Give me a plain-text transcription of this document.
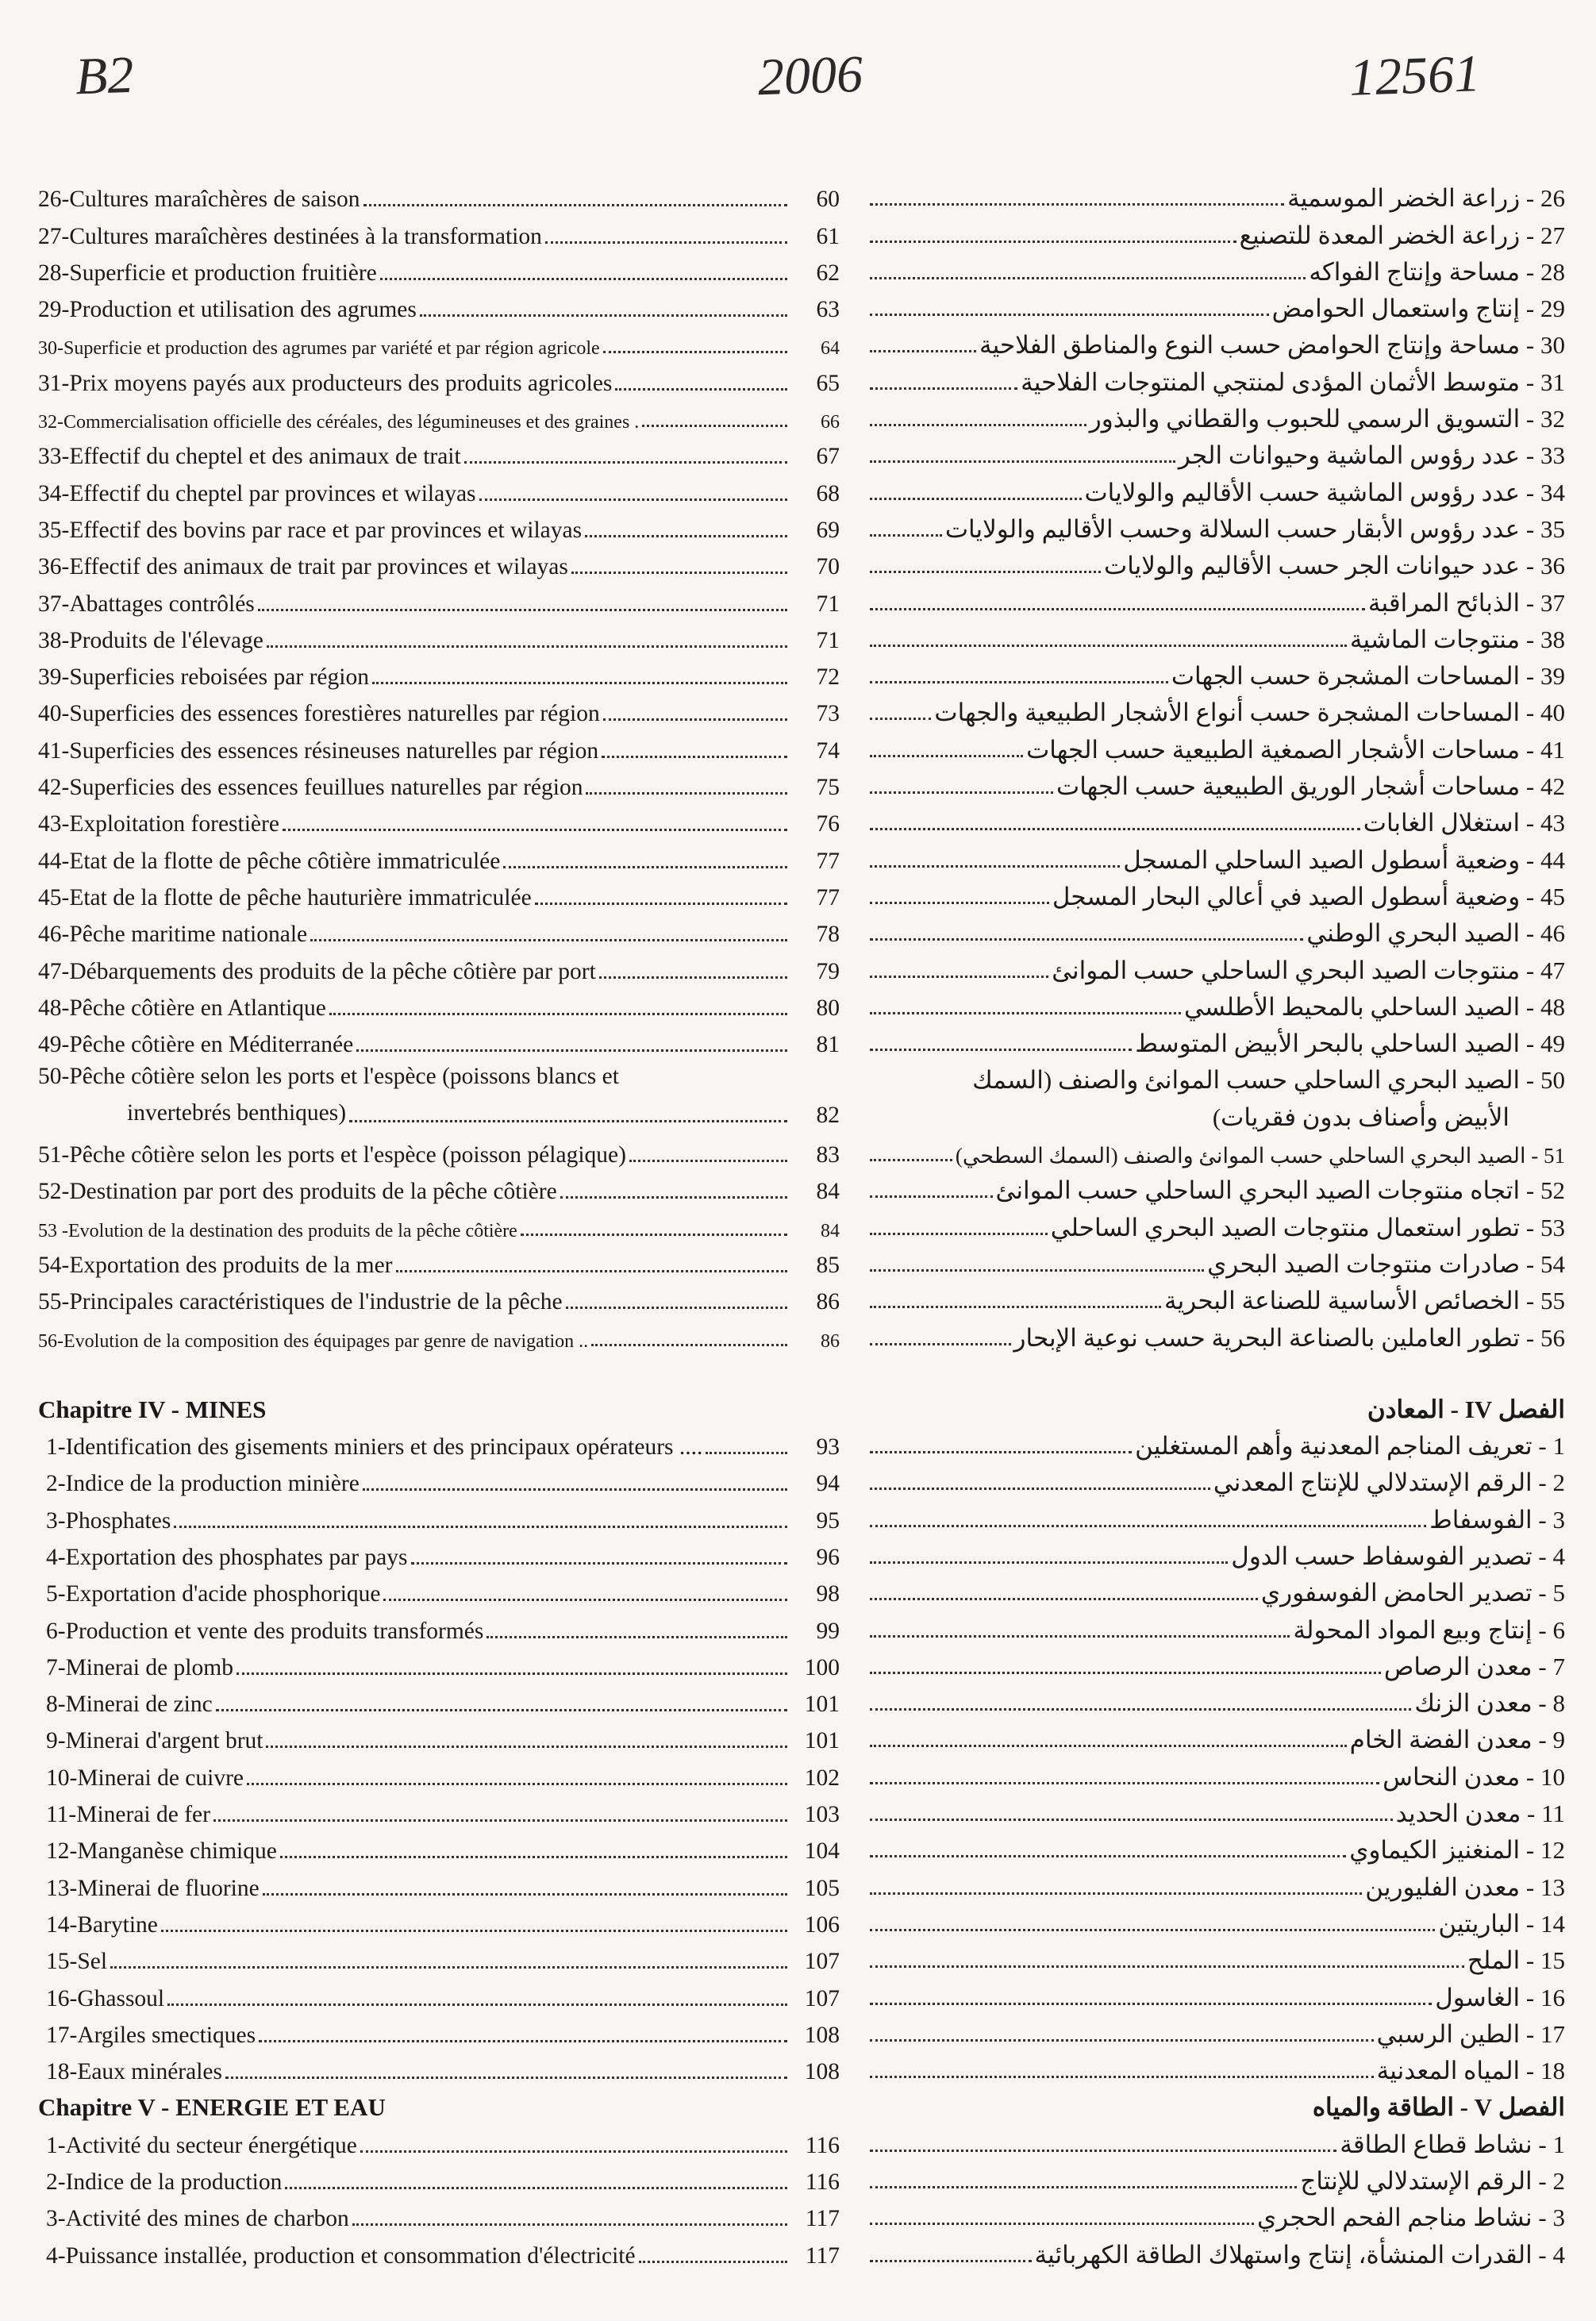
B2	2006	12561
26-Cultures maraîchères de saison	60
27-Cultures maraîchères destinées à la transformation	61
28-Superficie et production fruitière	62
29-Production et utilisation des agrumes	63
30-Superficie et production des agrumes par variété et par région agricole	64
31-Prix moyens payés aux producteurs des produits agricoles	65
32-Commercialisation officielle des céréales, des légumineuses et des graines .	66
33-Effectif du cheptel et des animaux de trait	67
34-Effectif du cheptel par provinces et wilayas	68
35-Effectif des bovins par race et par provinces et wilayas	69
36-Effectif des animaux de trait par provinces et wilayas	70
37-Abattages contrôlés	71
38-Produits de l'élevage	71
39-Superficies reboisées par région	72
40-Superficies des essences forestières naturelles par région	73
41-Superficies des essences résineuses naturelles par région	74
42-Superficies des essences feuillues naturelles par région	75
43-Exploitation forestière	76
44-Etat de la flotte de pêche côtière immatriculée	77
45-Etat de la flotte de pêche hauturière immatriculée	77
46-Pêche maritime nationale	78
47-Débarquements des produits de la pêche côtière par port	79
48-Pêche côtière en Atlantique	80
49-Pêche côtière en Méditerranée	81
50-Pêche côtière selon les ports et l'espèce (poissons blancs et
invertebrés benthiques)	82
51-Pêche côtière selon les ports et l'espèce (poisson pélagique)	83
52-Destination par port des produits de la pêche côtière	84
53 -Evolution de la destination des produits de la pêche côtière	84
54-Exportation des produits de la mer	85
55-Principales caractéristiques de l'industrie de la pêche	86
56-Evolution de la composition des équipages par genre de navigation ..	86
Chapitre IV - MINES
1-Identification des gisements miniers et des principaux opérateurs ....	93
2-Indice de la production minière	94
3-Phosphates	95
4-Exportation des phosphates par pays	96
5-Exportation d'acide phosphorique	98
6-Production et vente des produits transformés	99
7-Minerai de plomb	100
8-Minerai de zinc	101
9-Minerai d'argent brut	101
10-Minerai de cuivre	102
11-Minerai de fer	103
12-Manganèse chimique	104
13-Minerai de fluorine	105
14-Barytine	106
15-Sel	107
16-Ghassoul	107
17-Argiles smectiques	108
18-Eaux minérales	108
Chapitre V - ENERGIE ET EAU
1-Activité du secteur énergétique	116
2-Indice de la production	116
3-Activité des mines de charbon	117
4-Puissance installée, production et consommation d'électricité	117
26 - زراعة الخضر الموسمية
27 - زراعة الخضر المعدة للتصنيع
28 - مساحة وإنتاج الفواكه
29 - إنتاج واستعمال الحوامض
30 - مساحة وإنتاج الحوامض حسب النوع والمناطق الفلاحية
31 - متوسط الأثمان المؤدى لمنتجي المنتوجات الفلاحية
32 - التسويق الرسمي للحبوب والقطاني والبذور
33 - عدد رؤوس الماشية وحيوانات الجر
34 - عدد رؤوس الماشية حسب الأقاليم والولايات
35 - عدد رؤوس الأبقار حسب السلالة وحسب الأقاليم والولايات
36 - عدد حيوانات الجر حسب الأقاليم والولايات
37 - الذبائح المراقبة
38 - منتوجات الماشية
39 - المساحات المشجرة حسب الجهات
40 - المساحات المشجرة حسب أنواع الأشجار الطبيعية والجهات
41 - مساحات الأشجار الصمغية الطبيعية حسب الجهات
42 - مساحات أشجار الوريق الطبيعية حسب الجهات
43 - استغلال الغابات
44 - وضعية أسطول الصيد الساحلي المسجل
45 - وضعية أسطول الصيد في أعالي البحار المسجل
46 - الصيد البحري الوطني
47 - منتوجات الصيد البحري الساحلي حسب الموانئ
48 - الصيد الساحلي بالمحيط الأطلسي
49 - الصيد الساحلي بالبحر الأبيض المتوسط
50 - الصيد البحري الساحلي حسب الموانئ والصنف (السمك
الأبيض وأصناف بدون فقريات)
51 - الصيد البحري الساحلي حسب الموانئ والصنف (السمك السطحي)
52 - اتجاه منتوجات الصيد البحري الساحلي حسب الموانئ
53 - تطور استعمال منتوجات الصيد البحري الساحلي
54 - صادرات منتوجات الصيد البحري
55 - الخصائص الأساسية للصناعة البحرية
56 - تطور العاملين بالصناعة البحرية حسب نوعية الإبحار
الفصل IV - المعادن
1 - تعريف المناجم المعدنية وأهم المستغلين
2 - الرقم الإستدلالي للإنتاج المعدني
3 - الفوسفاط
4 - تصدير الفوسفاط حسب الدول
5 - تصدير الحامض الفوسفوري
6 - إنتاج وبيع المواد المحولة
7 - معدن الرصاص
8 - معدن الزنك
9 - معدن الفضة الخام
10 - معدن النحاس
11 - معدن الحديد
12 - المنغنيز الكيماوي
13 - معدن الفليورين
14 - الباريتين
15 - الملح
16 - الغاسول
17 - الطين الرسبي
18 - المياه المعدنية
الفصل V - الطاقة والمياه
1 - نشاط قطاع الطاقة
2 - الرقم الإستدلالي للإنتاج
3 - نشاط مناجم الفحم الحجري
4 - القدرات المنشأة، إنتاج واستهلاك الطاقة الكهربائية
